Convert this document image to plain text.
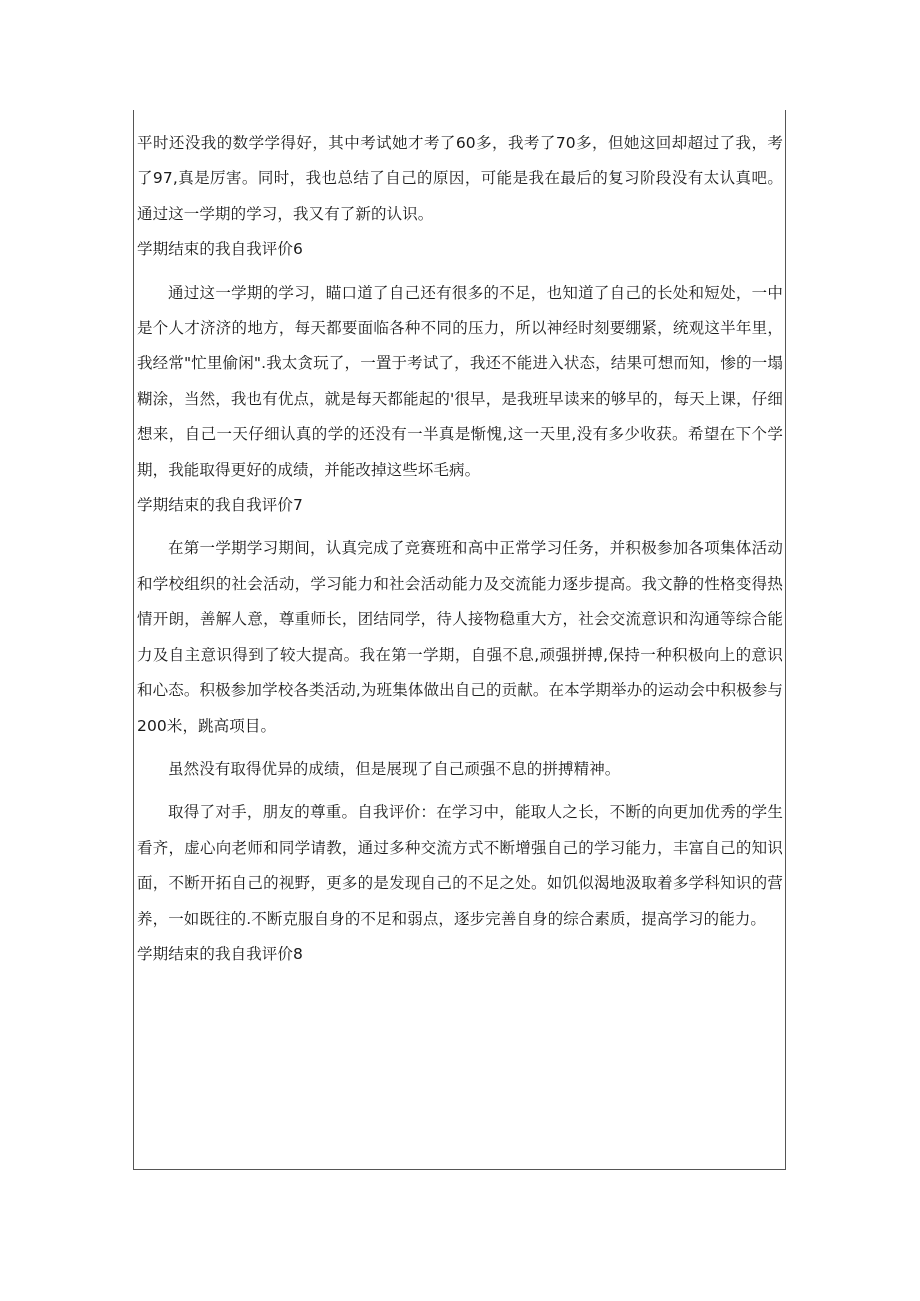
平时还没我的数学学得好，其中考试她才考了60多，我考了70多，但她这回却超过了我，考了97,真是厉害。同时，我也总结了自己的原因，可能是我在最后的复习阶段没有太认真吧。通过这一学期的学习，我又有了新的认识。

学期结束的我自我评价6

通过这一学期的学习，瞄口道了自己还有很多的不足，也知道了自己的长处和短处，一中是个人才济济的地方，每天都要面临各种不同的压力，所以神经时刻要绷紧，统观这半年里，我经常"忙里偷闲".我太贪玩了，一置于考试了，我还不能进入状态，结果可想而知，惨的一塌糊涂，当然，我也有优点，就是每天都能起的'很早，是我班早读来的够早的，每天上课，仔细想来，自己一天仔细认真的学的还没有一半真是惭愧,这一天里,没有多少收获。希望在下个学期，我能取得更好的成绩，并能改掉这些坏毛病。

学期结束的我自我评价7

在第一学期学习期间，认真完成了竞赛班和高中正常学习任务，并积极参加各项集体活动和学校组织的社会活动，学习能力和社会活动能力及交流能力逐步提高。我文静的性格变得热情开朗，善解人意，尊重师长，团结同学，待人接物稳重大方，社会交流意识和沟通等综合能力及自主意识得到了较大提高。我在第一学期，自强不息,顽强拼搏,保持一种积极向上的意识和心态。积极参加学校各类活动,为班集体做出自己的贡献。在本学期举办的运动会中积极参与200米，跳高项目。

虽然没有取得优异的成绩，但是展现了自己顽强不息的拼搏精神。

取得了对手，朋友的尊重。自我评价：在学习中，能取人之长，不断的向更加优秀的学生看齐，虚心向老师和同学请教，通过多种交流方式不断增强自己的学习能力，丰富自己的知识面，不断开拓自己的视野，更多的是发现自己的不足之处。如饥似渴地汲取着多学科知识的营养，一如既往的.不断克服自身的不足和弱点，逐步完善自身的综合素质，提高学习的能力。

学期结束的我自我评价8
